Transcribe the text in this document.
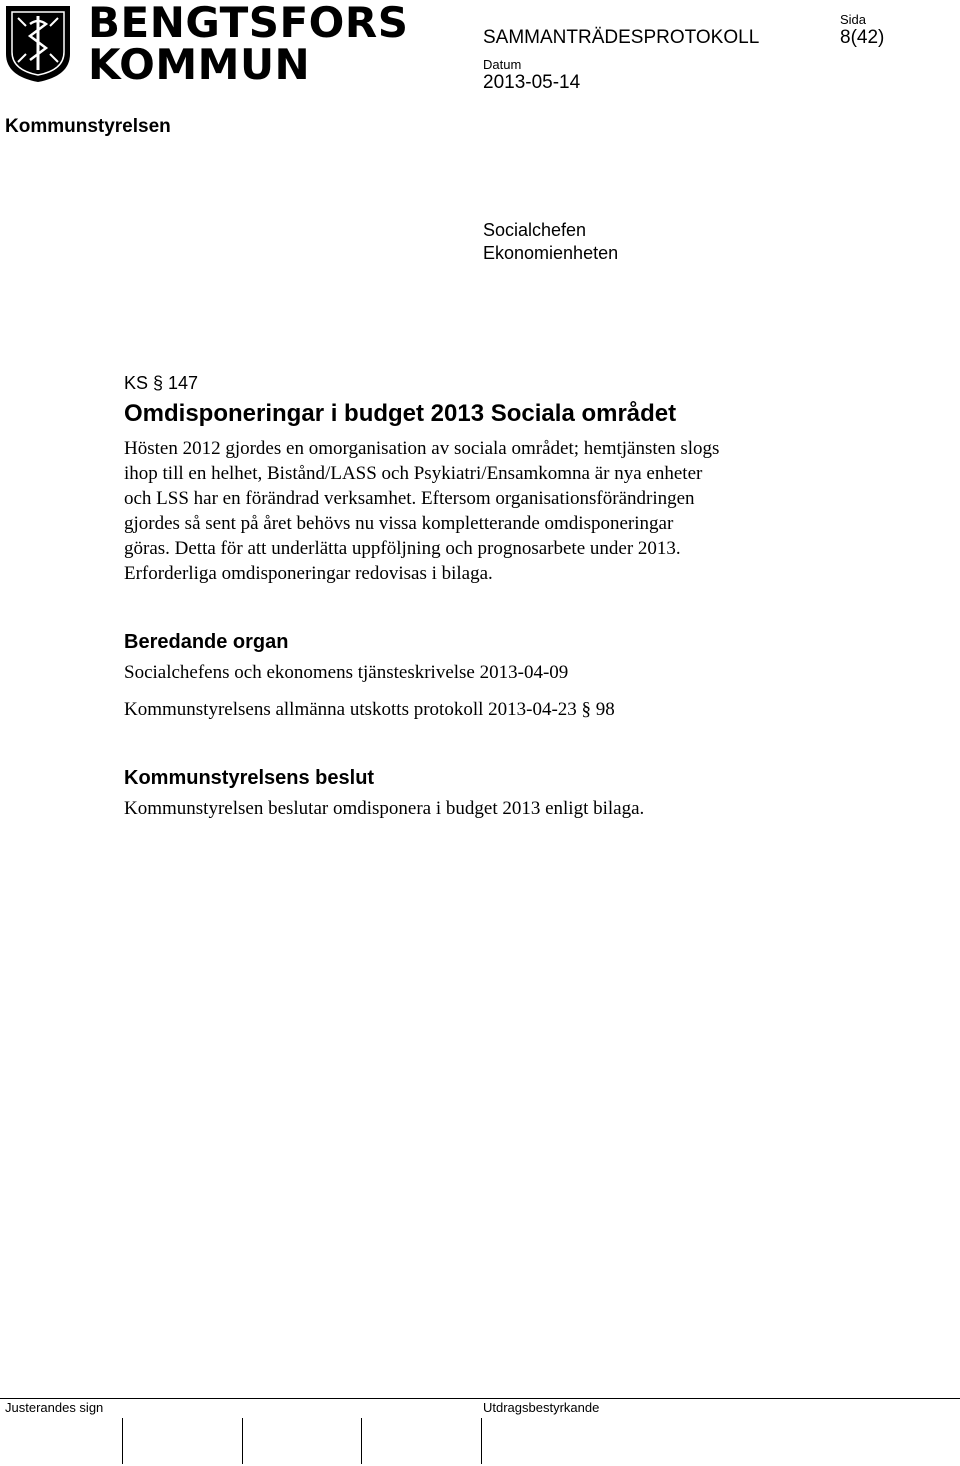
BENGTSFORS
KOMMUN
Sida
SAMMANTRÄDESPROTOKOLL	8(42)
Datum
2013-05-14
Kommunstyrelsen
Socialchefen
Ekonomienheten
KS § 147
Omdisponeringar i budget 2013 Sociala området
Hösten 2012 gjordes en omorganisation av sociala området; hemtjänsten slogs
ihop till en helhet, Bistånd/LASS och Psykiatri/Ensamkomna är nya enheter
och LSS har en förändrad verksamhet. Eftersom organisationsförändringen
gjordes så sent på året behövs nu vissa kompletterande omdisponeringar
göras. Detta för att underlätta uppföljning och prognosarbete under 2013.
Erforderliga omdisponeringar redovisas i bilaga.
Beredande organ
Socialchefens och ekonomens tjänsteskrivelse 2013-04-09
Kommunstyrelsens allmänna utskotts protokoll 2013-04-23 § 98
Kommunstyrelsens beslut
Kommunstyrelsen beslutar omdisponera i budget 2013 enligt bilaga.
Justerandes sign	Utdragsbestyrkande
